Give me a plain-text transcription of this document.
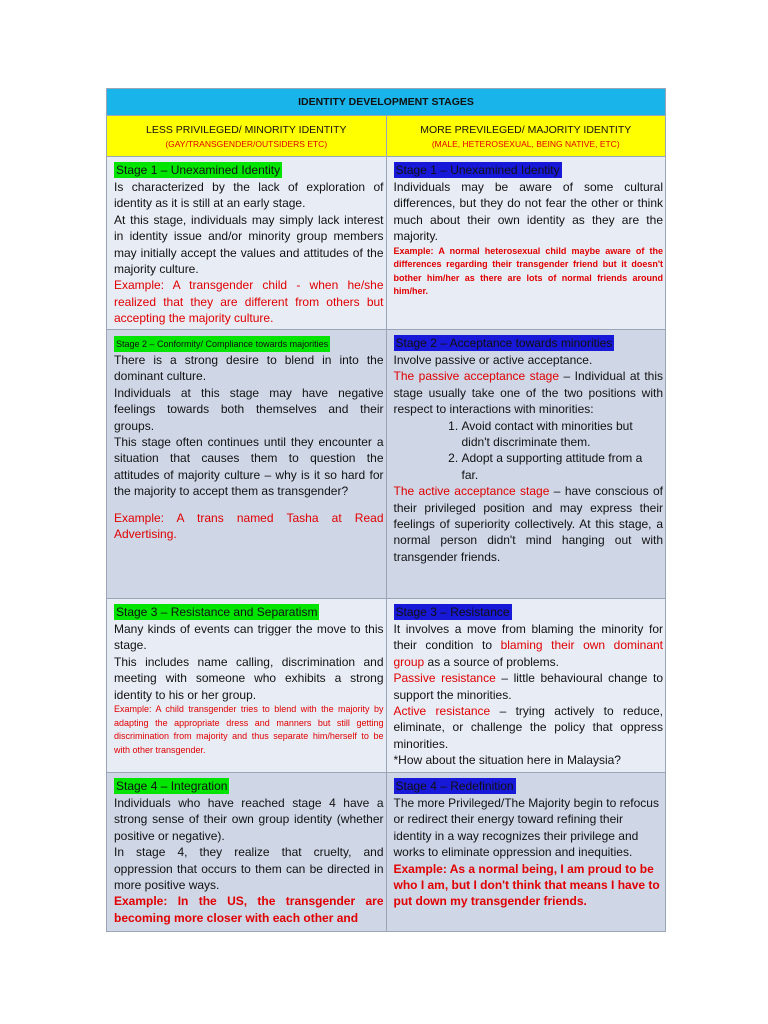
IDENTITY DEVELOPMENT STAGES
LESS PRIVILEGED/ MINORITY IDENTITY
(GAY/TRANSGENDER/OUTSIDERS ETC)
MORE PREVILEGED/ MAJORITY IDENTITY
(MALE, HETEROSEXUAL, BEING NATIVE, ETC)
Stage 1 – Unexamined Identity

Is characterized by the lack of exploration of identity as it is still at an early stage.

At this stage, individuals may simply lack interest in identity issue and/or minority group members may initially accept the values and attitudes of the majority culture.

Example: A transgender child - when he/she realized that they are different from others but accepting the majority culture.

Stage 1 – Unexamined Identity

Individuals may be aware of some cultural differences, but they do not fear the other or think much about their own identity as they are the majority.

Example: A normal heterosexual child maybe aware of the differences regarding their transgender friend but it doesn't bother him/her as there are lots of normal friends around him/her.

Stage 2 – Conformity/ Compliance towards majorities

There is a strong desire to blend in into the dominant culture.

Individuals at this stage may have negative feelings towards both themselves and their groups.

This stage often continues until they encounter a situation that causes them to question the attitudes of majority culture – why is it so hard for the majority to accept them as transgender?

Example: A trans named Tasha at Read Advertising.

Stage 2 – Acceptance towards minorities

Involve passive or active acceptance.

The passive acceptance stage – Individual at this stage usually take one of the two positions with respect to interactions with minorities:

1. Avoid contact with minorities but didn't discriminate them.
2. Adopt a supporting attitude from a far.

The active acceptance stage – have conscious of their privileged position and may express their feelings of superiority collectively. At this stage, a normal person didn't mind hanging out with transgender friends.

Stage 3 – Resistance and Separatism

Many kinds of events can trigger the move to this stage.

This includes name calling, discrimination and meeting with someone who exhibits a strong identity to his or her group.

Example: A child transgender tries to blend with the majority by adapting the appropriate dress and manners but still getting discrimination from majority and thus separate him/herself to be with other transgender.

Stage 3 – Resistance

It involves a move from blaming the minority for their condition to blaming their own dominant group as a source of problems.

Passive resistance – little behavioural change to support the minorities.

Active resistance – trying actively to reduce, eliminate, or challenge the policy that oppress minorities.

*How about the situation here in Malaysia?

Stage 4 – Integration

Individuals who have reached stage 4 have a strong sense of their own group identity (whether positive or negative).

In stage 4, they realize that cruelty, and oppression that occurs to them can be directed in more positive ways.

Example: In the US, the transgender are becoming more closer with each other and

Stage 4 – Redefinition

The more Privileged/The Majority begin to refocus or redirect their energy toward refining their identity in a way recognizes their privilege and works to eliminate oppression and inequities.

Example: As a normal being, I am proud to be who I am, but I don't think that means I have to put down my transgender friends.
